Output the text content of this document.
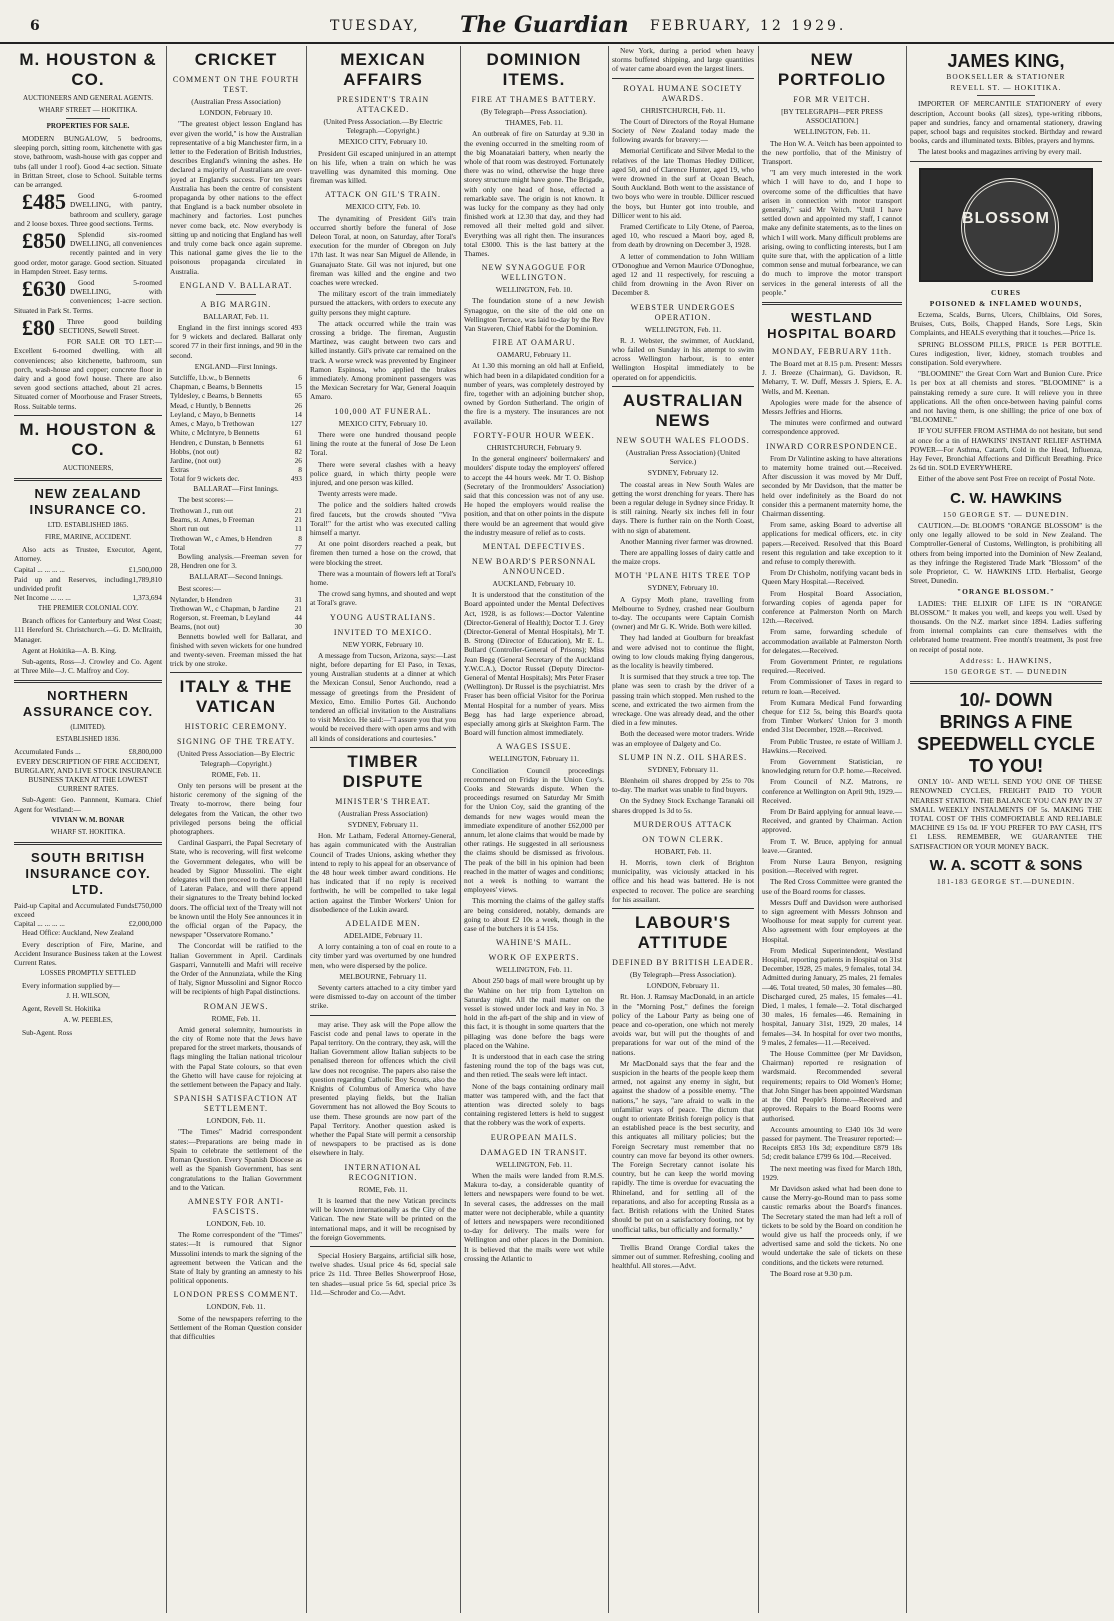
6	TUESDAY, The Guardian FEBRUARY, 12 1929.
M. HOUSTON & CO.
AUCTIONEERS AND GENERAL AGENTS.
WHARF STREET — HOKITIKA.
PROPERTIES FOR SALE.

MODERN BUNGALOW, 5 bedrooms, sleeping porch, sitting room, kitchenette with gas stove, bathroom, wash-house with gas copper and tubs (all under 1 roof). Good 4-ac section. Situate in Brittan Street, close to School. Suitable terms can be arranged.

£485 Good 6-roomed DWELLING, with pantry, bathroom and scullery, garage and 2 loose boxes. Three good sections. Terms.

£850 Splendid six-roomed DWELLING, all conveniences recently painted and in very good order, motor garage. Good section. Situated in Hampden Street. Easy terms.

£630 Good 5-roomed DWELLING, with conveniences; 1-acre section. Situated in Park St. Terms.

£80 Three good building SECTIONS, Sewell Street.

FOR SALE OR TO LET:—Excellent 6-roomed dwelling, with all conveniences; also kitchenette, bathroom, sun porch, wash-house and copper; concrete floor in dairy and a good fowl house. There are also seven good sections attached, about 21 acres. Situated corner of Moorhouse and Fraser Streets, Ross. Suitable terms.

M. HOUSTON & CO.
AUCTIONEERS,
NEW ZEALAND INSURANCE CO.
LTD. ESTABLISHED 1865.
FIRE, MARINE, ACCIDENT.

Also acts as Trustee, Executor, Agent, Attorney.

Capital ... ... ... ...	£1,500,000
Paid up and Reserves, including undivided profit
1,789,810
Net Income ... ... ...	1,373,694
THE PREMIER COLONIAL COY.

Branch offices for Canterbury and West Coast; 111 Hereford St. Christchurch.—G. D. McIlraith, Manager.

Agent at Hokitika—A. B. King.

Sub-agents, Ross—J. Crowley and Co. Agent at Three Mile—J. C. Malfroy and Coy.

NORTHERN ASSURANCE COY.
(LIMITED).
ESTABLISHED 1836.
Accumulated Funds ...	£8,800,000

EVERY DESCRIPTION OF FIRE ACCIDENT, BURGLARY, AND LIVE STOCK INSURANCE BUSINESS TAKEN AT THE LOWEST CURRENT RATES.

Sub-Agent: Geo. Pannnent, Kumara. Chief Agent for Westland:—

VIVIAN W. M. BONAR
WHARF ST. HOKITIKA.
SOUTH BRITISH INSURANCE COY. LTD.
Paid-up Capital and Accumulated Funds exceed
£750,000
Capital ... ... ... ...	£2,000,000

Head Office: Auckland, New Zealand

Every description of Fire, Marine, and Accident Insurance Business taken at the Lowest Current Rates.

LOSSES PROMPTLY SETTLED

Every information supplied by—

J. H. WILSON,

Agent, Revell St. Hokitika

A. W. PEEBLES,

Sub-Agent. Ross

CRICKET
COMMENT ON THE FOURTH TEST.

(Australian Press Association)

LONDON, February 10.

"The greatest object lesson England has ever given the world," is how the Australian representative of a big Manchester firm, in a letter to the Federation of British Industries, describes England's winning the ashes. He declared a majority of Australians are over-joyed at England's success. For ten years Australia has been the centre of consistent propaganda by other nations to the effect that England is a back number obsolete in machinery and factories. Lost punches never come back, etc. Now everybody is sitting up and noticing that England has well and truly come back once again supreme. This national game gives the lie to the poisonous propaganda circulated in Australia.

ENGLAND V. BALLARAT.
A BIG MARGIN.

BALLARAT, Feb. 11.

England in the first innings scored 493 for 9 wickets and declared. Ballarat only scored 77 in their first innings, and 90 in the second.

ENGLAND—First Innings.

Sutcliffe, l.b.w., b Bennetts	6
Chapman, c Beams, b Bennetts	15
Tyldesley, c Beams, b Bennetts	65
Mead, c Huntly, b Bennetts	26
Leyland, c Mayo, b Bennetts	14
Ames, c Mayo, b Trethowan	127
White, c McIntyre, b Bennetts	61
Hendren, c Dunstan, b Bennetts	61
Hobbs, (not out)	82
Jardine, (not out)	26
Extras	8
Total for 9 wickets dec.	493

BALLARAT—First Innings.

The best scores:—

Trethowan J., run out	21
Beams, st. Ames, b Freeman	21
Short run out	11
Trethowan W., c Ames, b Hendren	8
Total	77

Bowling analysis.—Freeman seven for 28, Hendren one for 3.

BALLARAT—Second Innings.

Best scores:—

Nylander, b Hendren	31
Trethowan W., c Chapman, b Jardine 21
Rogerson, st. Freeman, b Leyland	44
Beams, (not out)	30

Bennetts bowled well for Ballarat, and finished with seven wickets for one hundred and twenty-seven. Freeman missed the hat trick by one stroke.

ITALY & THE VATICAN
HISTORIC CEREMONY.
SIGNING OF THE TREATY.

(United Press Association—By Electric Telegraph—Copyright.)

ROME, Feb. 11.

Only ten persons will be present at the historic ceremony of the signing of the Treaty to-morrow, there being four delegates from the Vatican, the other two privileged persons being the official photographers.

Cardinal Gasparri, the Papal Secretary of State, who is recovering, will first welcome the Government delegates, who will be headed by Signor Mussolini. The eight delegates will then proceed to the Great Hall of Lateran Palace, and will there append their signatures to the Treaty behind locked doors. The official text of the Treaty will not be known until the Holy See announces it in the official organ of the Papacy, the newspaper "Osservatore Romano."

The Concordat will be ratified to the Italian Government in April. Cardinals Gasparri, Vannutelli and Mafri will receive the Order of the Annunziata, while the King of Italy, Signor Mussolini and Signor Rocco will be recipients of high Papal distinctions.

ROMAN JEWS.

ROME, Feb. 11.

Amid general solemnity, humourists in the city of Rome note that the Jews have prepared for the street markets, thousands of flags mingling the Italian national tricolour with the Papal State colours, so that even the Ghetto will have cause for rejoicing at the settlement between the Papacy and Italy.

SPANISH SATISFACTION AT SETTLEMENT.

LONDON, Feb. 11.

"The Times" Madrid correspondent states:—Preparations are being made in Spain to celebrate the settlement of the Roman Question. Every Spanish Diocese as well as the Spanish Government, has sent congratulations to the Italian Government and to the Vatican.

AMNESTY FOR ANTI-FASCISTS.

LONDON, Feb. 10.

The Rome correspondent of the "Times" states:—It is rumoured that Signor Mussolini intends to mark the signing of the agreement between the Vatican and the State of Italy by granting an amnesty to his political opponents.

LONDON PRESS COMMENT.

LONDON, Feb. 11.

Some of the newspapers referring to the Settlement of the Roman Question consider that difficulties

MEXICAN AFFAIRS
PRESIDENT'S TRAIN ATTACKED.

(United Press Association.—By Electric Telegraph.—Copyright.)

MEXICO CITY, February 10.

President Gil escaped uninjured in an attempt on his life, when a train on which he was travelling was dynamited this morning. One fireman was killed.

ATTACK ON GIL'S TRAIN.

MEXICO CITY, Feb. 10.

The dynamiting of President Gil's train occurred shortly before the funeral of Jose Deleon Toral, at noon, on Saturday, after Toral's execution for the murder of Obregon on July 17th last. It was near San Miguel de Allende, in Guanajuato State. Gil was not injured, but one fireman was killed and the engine and two coaches were wrecked.

The military escort of the train immediately pursued the attackers, with orders to execute any guilty persons they might capture.

The attack occurred while the train was crossing a bridge. The fireman, Augustin Martinez, was caught between two cars and killed instantly. Gil's private car remained on the track. A worse wreck was prevented by Engineer Ramon Espinosa, who applied the brakes immediately. Among prominent passengers was the Mexican Secretary for War, General Joaquin Amaro.

100,000 AT FUNERAL.

MEXICO CITY, February 10.

There were one hundred thousand people lining the route at the funeral of Jose De Leon Toral.

There were several clashes with a heavy police guard, in which thirty people were injured, and one person was killed.

Twenty arrests were made.

The police and the soldiers halted crowds fired faucets, but the crowds shouted "Viva Toral!" for the artist who was executed calling himself a martyr.

At one point disorders reached a peak, but firemen then turned a hose on the crowd, that were blocking the street.

There was a mountain of flowers left at Toral's home.

The crowd sang hymns, and shouted and wept at Toral's grave.

YOUNG AUSTRALIANS.
INVITED TO MEXICO.

NEW YORK, February 10.

A message from Tucson, Arizona, says:—Last night, before departing for El Paso, in Texas, young Australian students at a dinner at which the Mexican Consul, Senor Auchondo, read a message of greetings from the President of Mexico, Emo. Emilio Portes Gil. Auchondo tendered an official invitation to the Australians to visit Mexico. He said:—"I assure you that you would be received there with open arms and with all kinds of considerations and courtesies."

TIMBER DISPUTE
MINISTER'S THREAT.

(Australian Press Association)

SYDNEY, February 11.

Hon. Mr Latham, Federal Attorney-General, has again communicated with the Australian Council of Trades Unions, asking whether they intend to reply to his appeal for an observance of the 48 hour week timber award conditions. He has indicated that if no reply is received forthwith, he will be compelled to take legal action against the Timber Workers' Union for disobedience of the Lukin award.

ADELAIDE MEN.

ADELAIDE, February 11.

A lorry containing a ton of coal en route to a city timber yard was overturned by one hundred men, who were dispersed by the police.

MELBOURNE, February 11.

Seventy carters attached to a city timber yard were dismissed to-day on account of the timber strike.

may arise. They ask will the Pope allow the Fascist code and penal laws to operate in the Papal territory. On the contrary, they ask, will the Italian Government allow Italian subjects to be penalised thereon for offences which the civil law does not recognise. The papers also raise the question regarding Catholic Boy Scouts, also the Knights of Columbus of America who have presented playing fields, but the Italian Government has not allowed the Boy Scouts to use them. These grounds are now part of the Papal Territory. Another question asked is whether the Papal State will permit a censorship of newspapers to be practised as is done elsewhere in Italy.

INTERNATIONAL RECOGNITION.

ROME, Feb. 11.

It is learned that the new Vatican precincts will be known internationally as the City of the Vatican. The new State will be printed on the international maps, and it will be recognised by the foreign Governments.

Special Hosiery Bargains, artificial silk hose, twelve shades. Usual price 4s 6d, special sale price 2s 11d. Three Belles Showerproof Hose, ten shades—usual price 5s 6d, special price 3s 11d.—Schroder and Co.—Advt.

DOMINION ITEMS.
FIRE AT THAMES BATTERY.

(By Telegraph—Press Association).

THAMES, Feb. 11.

An outbreak of fire on Saturday at 9.30 in the evening occurred in the smelting room of the big Moanataiari battery, when nearly the whole of that room was destroyed. Fortunately there was no wind, otherwise the huge three storey structure might have gone. The Brigade, with only one head of hose, effected a remarkable save. The origin is not known. It was lucky for the company as they had only finished work at 12.30 that day, and they had removed all their melted gold and silver. Everything was all right then. The insurances total £3000. This is the last battery at the Thames.

NEW SYNAGOGUE FOR WELLINGTON.

WELLINGTON, Feb. 10.

The foundation stone of a new Jewish Synagogue, on the site of the old one on Wellington Terrace, was laid to-day by the Rev Van Staveren, Chief Rabbi for the Dominion.

FIRE AT OAMARU.

OAMARU, February 11.

At 1.30 this morning an old hall at Enfield, which had been in a dilapidated condition for a number of years, was completely destroyed by fire, together with an adjoining butcher shop, owned by Gordon Sutherland. The origin of the fire is a mystery. The insurances are not available.

FORTY-FOUR HOUR WEEK.

CHRISTCHURCH, February 9.

In the general engineers' boilermakers' and moulders' dispute today the employers' offered to accept the 44 hours week. Mr T. O. Bishop (Secretary of the Ironmoulders' Association) said that this concession was not of any use. He hoped the employers would realise the position, and that on other points in the dispute there would be an agreement that would give the industry measure of relief as to costs.

MENTAL DEFECTIVES.
NEW BOARD'S PERSONNAL ANNOUNCED.

AUCKLAND, February 10.

It is understood that the constitution of the Board appointed under the Mental Defectives Act, 1928, is as follows:—Doctor Valentine (Director-General of Health); Doctor T. J. Grey (Director-General of Mental Hospitals), Mr T. B. Strong (Director of Education), Mr E. L. Bullard (Controller-General of Prisons); Miss Jean Begg (General Secretary of the Auckland Y.W.C.A.), Doctor Russel (Deputy Director-General of Mental Hospitals); Mrs Peter Fraser (Wellington). Dr Russel is the psychiatrist. Mrs Fraser has been official Visitor for the Porirua Mental Hospital for a number of years. Miss Begg has had large experience abroad, especially among girls at Skeighton Farm. The Board will function almost immediately.

A WAGES ISSUE.

WELLINGTON, February 11.

Conciliation Council proceedings recommenced on Friday in the Union Coy's. Cooks and Stewards dispute. When the proceedings resumed on Saturday Mr Smith for the Union Coy, said the granting of the demands for new wages would mean the immediate expenditure of another £62,000 per annum, let alone claims that would be made by other ratings. He suggested in all seriousness the claims should be dismissed as frivolous. The peak of the bill in his opinion had been reached in the matter of wages and conditions; not a week is nothing to warrant the employees' views.

This morning the claims of the galley staffs are being considered, notably, demands are going to about £2 10s a week, though in the case of the butchers it is £4 15s.

WAHINE'S MAIL.
WORK OF EXPERTS.

WELLINGTON, Feb. 11.

About 250 bags of mail were brought up by the Wahine on her trip from Lyttelton on Saturday night. All the mail matter on the vessel is stowed under lock and key in No. 3 hold in the aft-part of the ship and in view of this fact, it is thought in some quarters that the pillaging was done before the bags were placed on the Wahine.

It is understood that in each case the string fastening round the top of the bags was cut, and then retied. The seals were left intact.

None of the bags containing ordinary mail matter was tampered with, and the fact that attention was directed solely to bags containing registered letters is held to suggest that the robbery was the work of experts.

EUROPEAN MAILS.
DAMAGED IN TRANSIT.

WELLINGTON, Feb. 11.

When the mails were landed from R.M.S. Makura to-day, a considerable quantity of letters and newspapers were found to be wet. In several cases, the addresses on the mail matter were not decipherable, while a quantity of letters and newspapers were reconditioned to-day for delivery. The mails were for Wellington and other places in the Dominion. It is believed that the mails were wet while crossing the Atlantic to

New York, during a period when heavy storms buffeted shipping, and large quantities of water came aboard even the largest liners.

ROYAL HUMANE SOCIETY AWARDS.

CHRISTCHURCH, Feb. 11.

The Court of Directors of the Royal Humane Society of New Zealand today made the following awards for bravery:—

Memorial Certificate and Silver Medal to the relatives of the late Thomas Hedley Dillicer, aged 50, and of Clarence Hunter, aged 19, who were drowned in the surf at Ocean Beach, South Auckland. Both went to the assistance of two boys who were in trouble. Dillicer rescued the boys, but Hunter got into trouble, and Dillicer went to his aid.

Framed Certificate to Lily Otene, of Paeroa, aged 10, who rescued a Maori boy, aged 8, from death by drowning on December 3, 1928.

A letter of commendation to John William O'Donoghue and Vernon Maurice O'Donoghue, aged 12 and 11 respectively, for rescuing a child from drowning in the Avon River on December 8.

WEBSTER UNDERGOES OPERATION.

WELLINGTON, Feb. 11.

R. J. Webster, the swimmer, of Auckland, who failed on Sunday in his attempt to swim across Wellington harbour, is to enter Wellington Hospital immediately to be operated on for appendicitis.

AUSTRALIAN NEWS
NEW SOUTH WALES FLOODS.

(Australian Press Association) (United Service.)

SYDNEY, February 12.

The coastal areas in New South Wales are getting the worst drenching for years. There has been a regular deluge in Sydney since Friday. It is still raining. Nearly six inches fell in four days. There is further rain on the North Coast, with no sign of abatement.

Another Manning river farmer was drowned.

There are appalling losses of dairy cattle and the maize crops.

MOTH 'PLANE HITS TREE TOP

SYDNEY, February 10.

A Gypsy Moth plane, travelling from Melbourne to Sydney, crashed near Goulburn to-day. The occupants were Captain Cornish (owner) and Mr G. K. Wride. Both were killed.

They had landed at Goulburn for breakfast and were advised not to continue the flight, owing to low clouds making flying dangerous, as the locality is heavily timbered.

It is surmised that they struck a tree top. The plane was seen to crash by the driver of a passing train which stopped. Men rushed to the scene, and extricated the two airmen from the wreckage. One was already dead, and the other died in a few minutes.

Both the deceased were motor traders. Wride was an employee of Dalgety and Co.

SLUMP IN N.Z. OIL SHARES.

SYDNEY, February 11.

Blenheim oil shares dropped by 25s to 70s to-day. The market was unable to find buyers.

On the Sydney Stock Exchange Taranaki oil shares dropped 1s 3d to 5s.

MURDEROUS ATTACK
ON TOWN CLERK.

HOBART, Feb. 11.

H. Morris, town clerk of Brighton municipality, was viciously attacked in his office and his head was battered. He is not expected to recover. The police are searching for his assailant.

LABOUR'S ATTITUDE
DEFINED BY BRITISH LEADER.

(By Telegraph—Press Association).

LONDON, February 11.

Rt. Hon. J. Ramsay MacDonald, in an article in the "Morning Post," defines the foreign policy of the Labour Party as being one of peace and co-operation, one which not merely avoids war, but will put the thoughts of and preparations for war out of the mind of the nations.

Mr MacDonald says that the fear and the suspicion in the hearts of the people keep them armed, not against any enemy in sight, but against the shadow of a possible enemy. "The nations," he says, "are afraid to walk in the unfamiliar ways of peace. The dictum that ought to orientate British foreign policy is that an established peace is the best security, and this antiquates all military policies; but the Foreign Secretary must remember that no country can move far beyond its other owners. The Foreign Secretary cannot isolate his country, but he can keep the world moving rapidly. The time is overdue for evacuating the Rhineland, and for settling all of the reparations, and also for accepting Russia as a fact. British relations with the United States should be put on a satisfactory footing, not by unofficial talks, but officially and formally."

Trellis Brand Orange Cordial takes the simmer out of summer. Refreshing, cooling and healthful. All stores.—Advt.

NEW PORTFOLIO
FOR MR VEITCH.

[BY TELEGRAPH—PER PRESS ASSOCIATION.]

WELLINGTON, Feb. 11.

The Hon W. A. Veitch has been appointed to the new portfolio, that of the Ministry of Transport.

"I am very much interested in the work which I will have to do, and I hope to overcome some of the difficulties that have arisen in connection with motor transport generally," said Mr Veitch. "Until I have settled down and appointed my staff, I cannot make any definite statements, as to the lines on which I will work. Many difficult problems are arising, owing to conflicting interests, but I am quite sure that, with the application of a little common sense and mutual forbearance, we can do much to improve the motor transport services in the general interests of all the people."

WESTLAND HOSPITAL BOARD
MONDAY, FEBRUARY 11th.

The Board met at 8.15 p.m. Present: Messrs J. J. Breeze (Chairman), G. Davidson, R. Meharry, T. W. Duff, Messrs J. Spiers, E. A. Wells, and M. Keenan.

Apologies were made for the absence of Messrs Jeffries and Hiorns.

The minutes were confirmed and outward correspondence approved.

INWARD CORRESPONDENCE.

From Dr Valintine asking to have alterations to maternity home trained out.—Received. After discussion it was moved by Mr Duff, seconded by Mr Davidson, that the matter be held over indefinitely as the Board do not consider this a permanent maternity home, the Chairman dissenting.

From same, asking Board to advertise all applications for medical officers, etc. in city papers.—Received. Resolved that this Board resent this regulation and take exception to it and refuse to comply therewith.

From Dr Chisholm, notifying vacant beds in Queen Mary Hospital.—Received.

From Hospital Board Association, forwarding copies of agenda paper for conference at Palmerston North on March 12th.—Received.

From same, forwarding schedule of accommodation available at Palmerston North for delegates.—Received.

From Government Printer, re regulations required.—Received.

From Commissioner of Taxes in regard to return re loan.—Received.

From Kumara Medical Fund forwarding cheque for £12 5s, being this Board's quota from Timber Workers' Union for 3 month ended 31st December, 1928.—Received.

From Public Trustee, re estate of William J. Hawkins.—Received.

From Government Statistician, re knowledging return for O.P. home.—Received.

From Council of N.Z. Matrons, re conference at Wellington on April 9th, 1929.—Received.

From Dr Baird applying for annual leave.—Received, and granted by Chairman. Action approved.

From T. W. Bruce, applying for annual leave.—Granted.

From Nurse Laura Benyon, resigning position.—Received with regret.

The Red Cross Committee were granted the use of the Board rooms for classes.

Messrs Duff and Davidson were authorised to sign agreement with Messrs Johnson and Woolhouse for meat supply for current year. Also agreement with four employees at the Hospital.

From Medical Superintendent, Westland Hospital, reporting patients in Hospital on 31st December, 1928, 25 males, 9 females, total 34. Admitted during January, 25 males, 21 females—46. Total treated, 50 males, 30 females—80. Discharged cured, 25 males, 15 females—41. Died, 1 males, 1 female—2. Total discharged 30 males, 16 females—46. Remaining in hospital, January 31st, 1929, 20 males, 14 females—34. In hospital for over two months, 9 males, 2 females—11.—Received.

The House Committee (per Mr Davidson, Chairman) reported re resignation of wardsmaid. Recommended several requirements; repairs to Old Women's Home; that John Singer has been appointed Wardsman at the Old People's Home.—Received and approved. Repairs to the Board Rooms were authorised.

Accounts amounting to £340 10s 3d were passed for payment. The Treasurer reported:—Receipts £853 10s 3d; expenditure £879 18s 5d; credit balance £799 6s 10d.—Received.

The next meeting was fixed for March 18th, 1929.

Mr Davidson asked what had been done to cause the Merry-go-Round man to pass some caustic remarks about the Board's finances. The Secretary stated the man had left a roll of tickets to be sold by the Board on condition he would give us half the proceeds only, if we advertised same and sold the tickets. No one would undertake the sale of tickets on these conditions, and the tickets were returned.

The Board rose at 9.30 p.m.

JAMES KING,
BOOKSELLER & STATIONER
REVELL ST. — HOKITIKA.

IMPORTER OF MERCANTILE STATIONERY of every description, Account books (all sizes), type-writing ribbons, paper and sundries, fancy and ornamental stationery, drawing paper, school bags and requisites stocked. Birthday and reward books, cards and illuminated texts. Bibles, prayers and hymns.

The latest books and magazines arriving by every mail.

BLOSSOM
CURES
POISONED & INFLAMED WOUNDS,

Eczema, Scalds, Burns, Ulcers, Chilblains, Old Sores, Bruises, Cuts, Boils, Chapped Hands, Sore Legs, Skin Complaints, and HEALS everything that it touches.—Price 1s.

SPRING BLOSSOM PILLS, PRICE 1s PER BOTTLE. Cures indigestion, liver, kidney, stomach troubles and constipation. Sold everywhere.

"BLOOMINE" the Great Corn Wart and Bunion Cure. Price 1s per box at all chemists and stores. "BLOOMINE" is a painstaking remedy a sure cure. It will relieve you in three applications. All the often once-between having painful corns and not having them, is one shilling; the price of one box of "BLOOMINE."

IF YOU SUFFER FROM ASTHMA do not hesitate, but send at once for a tin of HAWKINS' INSTANT RELIEF ASTHMA POWER—For Asthma, Catarrh, Cold in the Head, Influenza, Hay Fever, Bronchial Affections and Difficult Breathing. Price 2s 6d tin. SOLD EVERYWHERE.

Either of the above sent Post Free on receipt of Postal Note.

C. W. HAWKINS
150 GEORGE ST. — DUNEDIN.

CAUTION.—Dr. BLOOM'S "ORANGE BLOSSOM" is the only one legally allowed to be sold in New Zealand. The Comptroller-General of Customs, Wellington, is prohibiting all others from being imported into the Dominion of New Zealand, as they infringe the Registered Trade Mark "Blossom" of the sole Proprietor, C. W. HAWKINS LTD. Herbalist, George Street, Dunedin.

"ORANGE BLOSSOM."

LADIES: THE ELIXIR OF LIFE IS IN "ORANGE BLOSSOM." It makes you well, and keeps you well. Used by thousands. On the N.Z. market since 1894. Ladies suffering from internal complaints can cure themselves with the celebrated home treatment. Free month's treatment, 3s post free on receipt of postal note.

Address: L. HAWKINS,
150 GEORGE ST. — DUNEDIN
10/- DOWN
BRINGS A FINE
SPEEDWELL CYCLE
TO YOU!

ONLY 10/- AND WE'LL SEND YOU ONE OF THESE RENOWNED CYCLES, FREIGHT PAID TO YOUR NEAREST STATION. THE BALANCE YOU CAN PAY IN 37 SMALL WEEKLY INSTALMENTS OF 5s. MAKING THE TOTAL COST OF THIS COMFORTABLE AND RELIABLE MACHINE £9 15s 0d. IF YOU PREFER TO PAY CASH, IT'S £1 LESS. REMEMBER, WE GUARANTEE THE SATISFACTION OR YOUR MONEY BACK.

W. A. SCOTT & SONS
181-183 GEORGE ST.—DUNEDIN.
